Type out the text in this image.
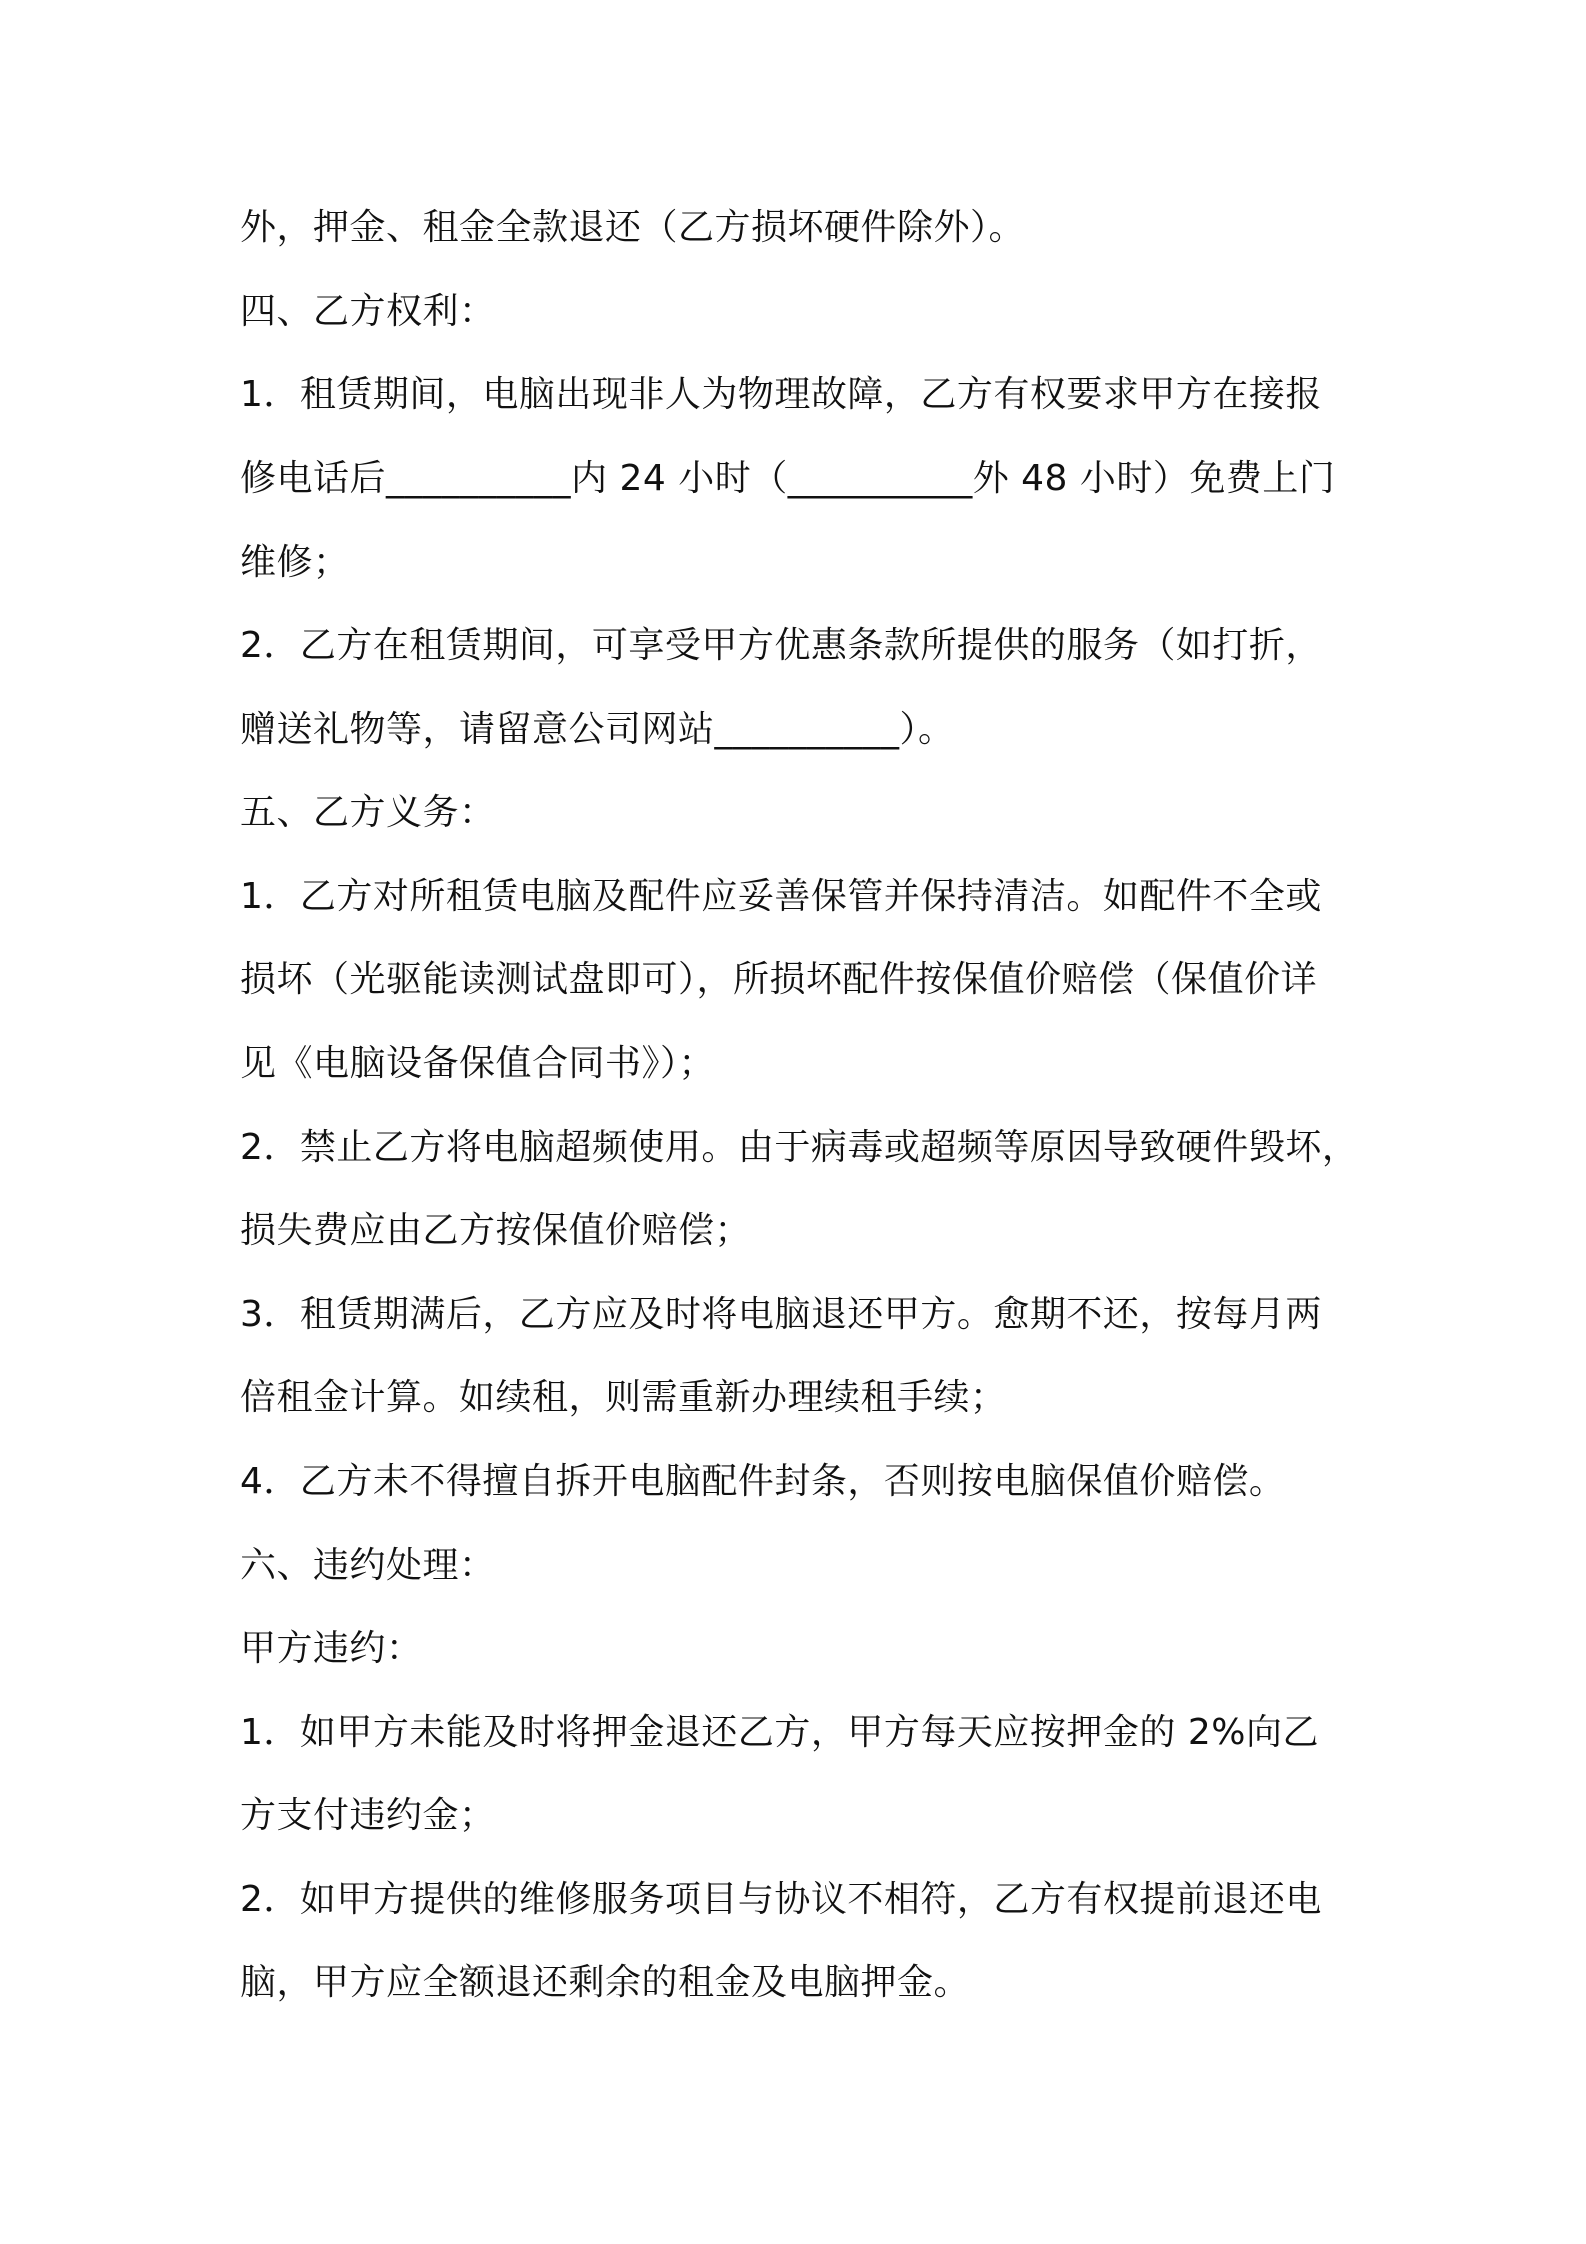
外，押金、租金全款退还（乙方损坏硬件除外）。
四、乙方权利：
1．租赁期间，电脑出现非人为物理故障，乙方有权要求甲方在接报
修电话后__________内 24 小时（__________外 48 小时）免费上门
维修；
2．乙方在租赁期间，可享受甲方优惠条款所提供的服务（如打折，
赠送礼物等，请留意公司网站__________）。
五、乙方义务：
1．乙方对所租赁电脑及配件应妥善保管并保持清洁。如配件不全或
损坏（光驱能读测试盘即可），所损坏配件按保值价赔偿（保值价详
见《电脑设备保值合同书》）；
2．禁止乙方将电脑超频使用。由于病毒或超频等原因导致硬件毁坏，
损失费应由乙方按保值价赔偿；
3．租赁期满后，乙方应及时将电脑退还甲方。愈期不还，按每月两
倍租金计算。如续租，则需重新办理续租手续；
4．乙方未不得擅自拆开电脑配件封条，否则按电脑保值价赔偿。
六、违约处理：
甲方违约：
1．如甲方未能及时将押金退还乙方，甲方每天应按押金的 2%向乙
方支付违约金；
2．如甲方提供的维修服务项目与协议不相符，乙方有权提前退还电
脑，甲方应全额退还剩余的租金及电脑押金。
